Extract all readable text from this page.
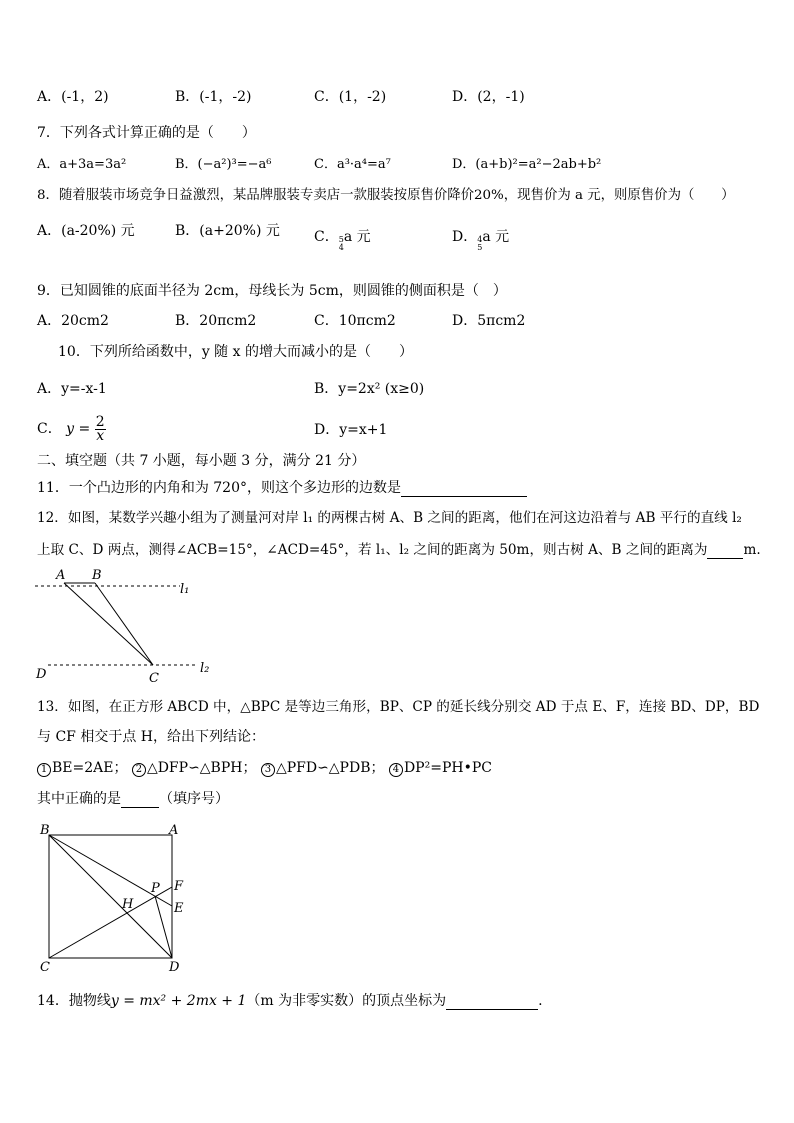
A．(-1，2)	B．(-1，-2)	C．(1，-2)	D．(2，-1)
7．下列各式计算正确的是（　　）
A．a+3a=3a²	B．(−a²)³=−a⁶	C．a³·a⁴=a⁷	D．(a+b)²=a²−2ab+b²
8．随着服装市场竞争日益激烈，某品牌服装专卖店一款服装按原售价降价20%，现售价为 a 元，则原售价为（　　）
A．(a-20%) 元	B．(a+20%) 元 C． 5
4
a 元	D． 4
5
a 元
9．已知圆锥的底面半径为 2cm，母线长为 5cm，则圆锥的侧面积是（　）
A．20cm2	B．20πcm2	C．10πcm2	D．5πcm2
10．下列所给函数中，y 随 x 的增大而减小的是（　　）
A．y=-x-1	B．y=2x² (x≥0)
C． $y = \frac{2}{x}$	D．y=x+1
二、填空题（共 7 小题，每小题 3 分，满分 21 分）
11．一个凸边形的内角和为 720°，则这个多边形的边数是
12．如图，某数学兴趣小组为了测量河对岸 l₁ 的两棵古树 A、B 之间的距离，他们在河这边沿着与 AB 平行的直线 l₂
上取 C、D 两点，测得∠ACB=15°，∠ACD=45°，若 l₁、l₂ 之间的距离为 50m，则古树 A、B 之间的距离为	m.
A B
C
D
l₁
l₂
13．如图，在正方形 ABCD 中，△BPC 是等边三角形，BP、CP 的延长线分别交 AD 于点 E、F，连接 BD、DP，BD
与 CF 相交于点 H，给出下列结论：
1 BE=2AE； 2 △DFP∽△BPH； 3 △PFD∽△PDB； 4 DP²=PH•PC
其中正确的是	（填序号）
B	A
C	D
P F
E
H
14．抛物线y = mx² + 2mx + 1（m 为非零实数）的顶点坐标为	.
